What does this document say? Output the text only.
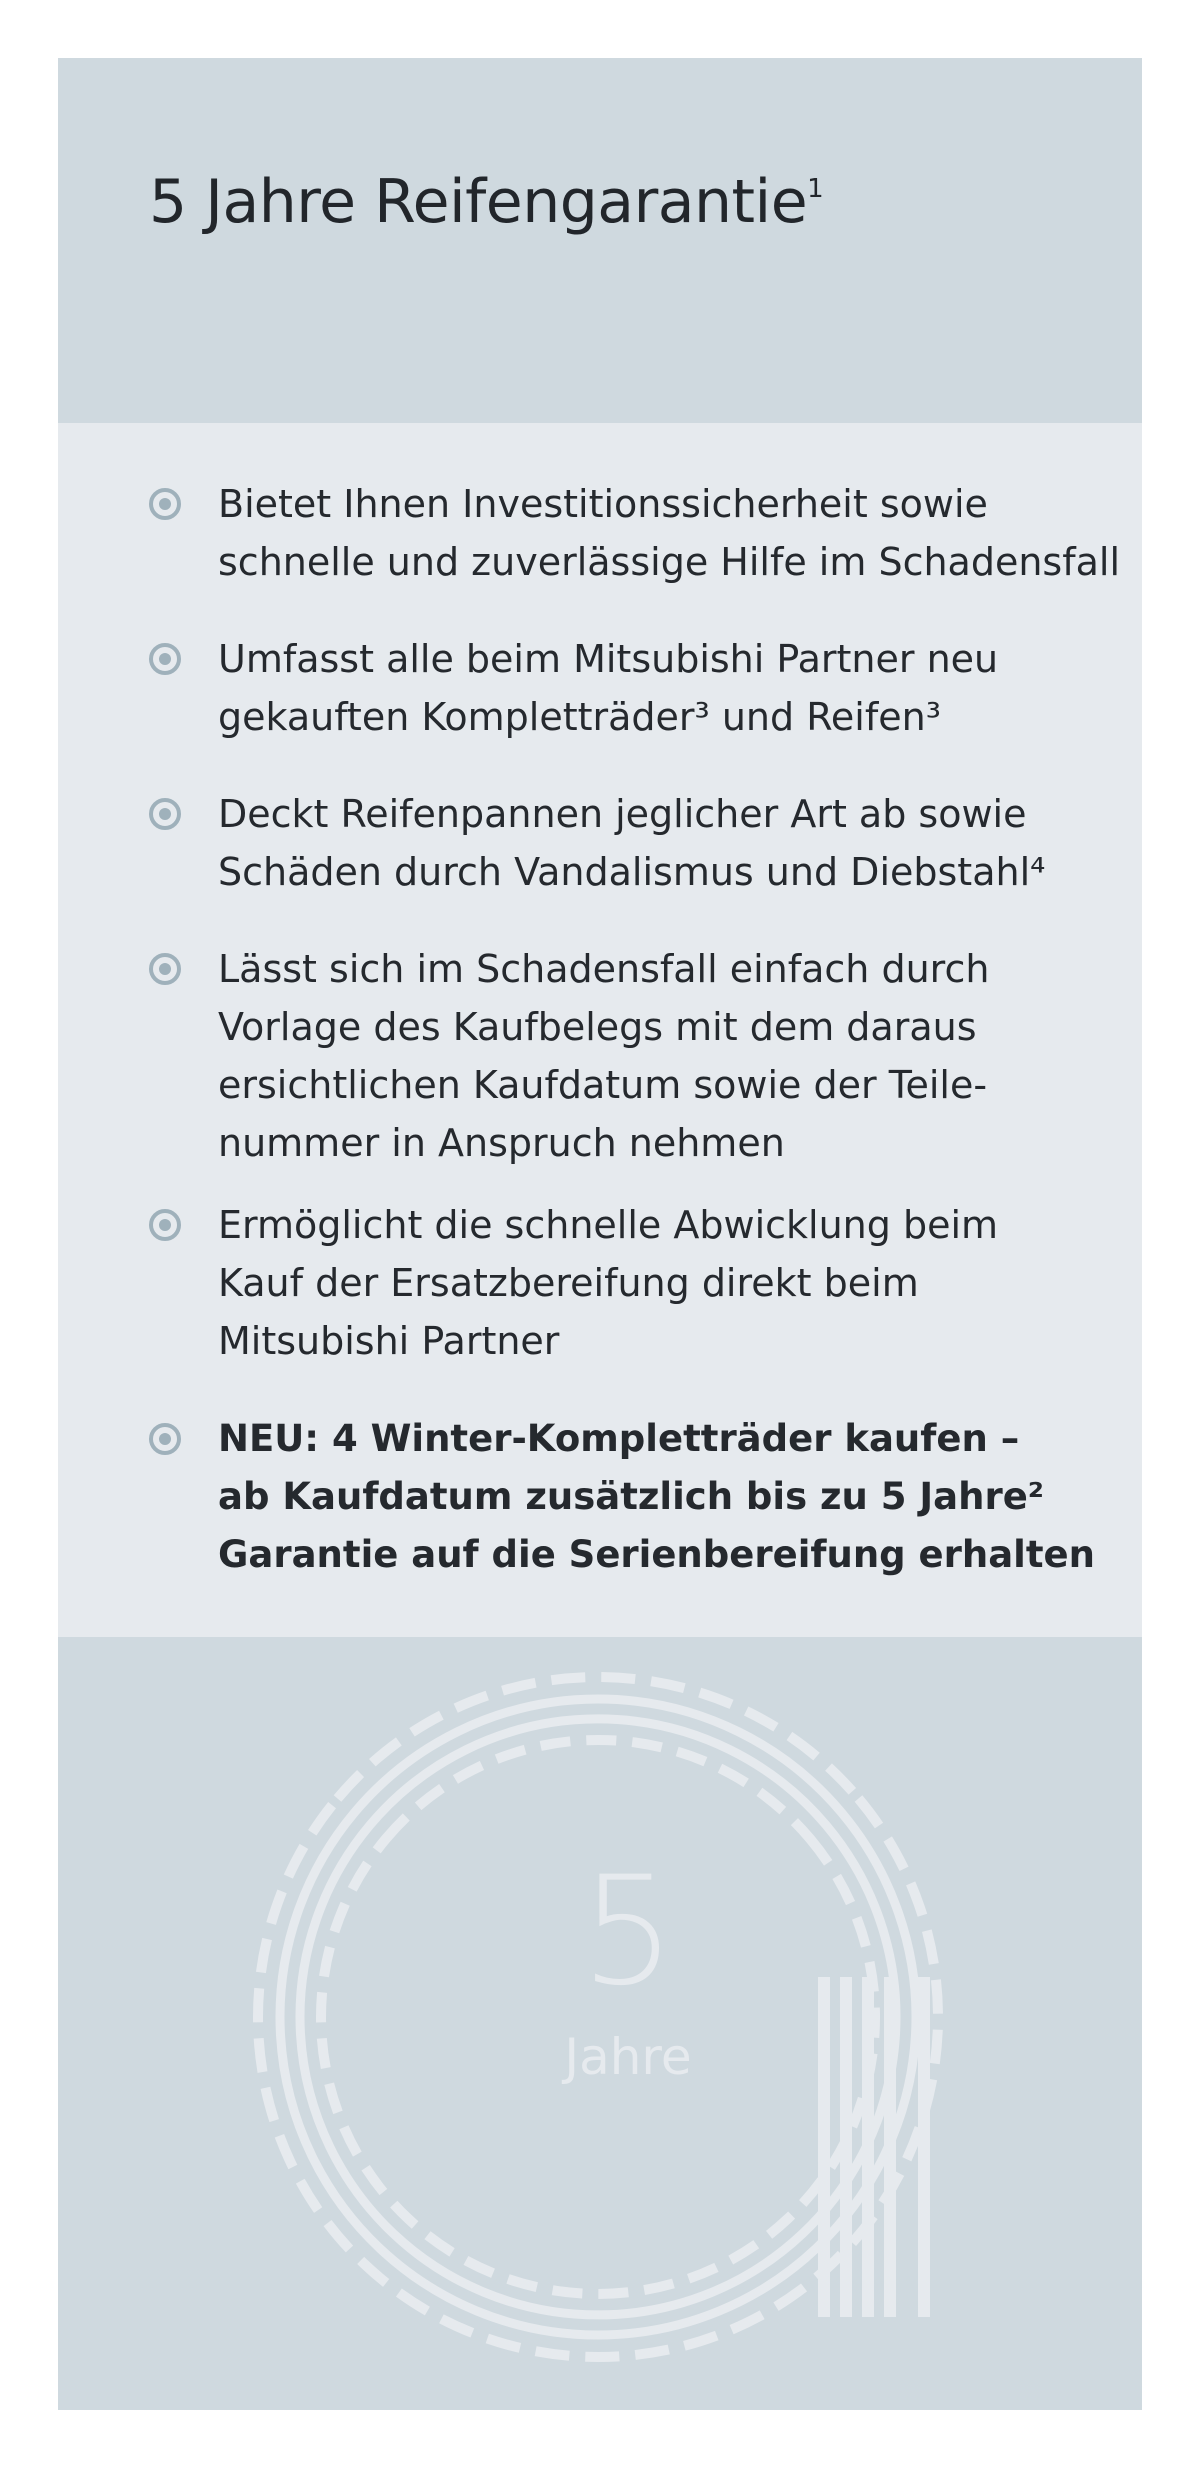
5 Jahre Reifengarantie$^1$

Bietet Ihnen Investitionssicherheit sowie
schnelle und zuverlässige Hilfe im Schadensfall

Umfasst alle beim Mitsubishi Partner neu
gekauften Kompletträder³ und Reifen³

Deckt Reifenpannen jeglicher Art ab sowie
Schäden durch Vandalismus und Diebstahl⁴

Lässt sich im Schadensfall einfach durch
Vorlage des Kaufbelegs mit dem daraus
ersichtlichen Kaufdatum sowie der Teile-
nummer in Anspruch nehmen

Ermöglicht die schnelle Abwicklung beim
Kauf der Ersatzbereifung direkt beim
Mitsubishi Partner

NEU: 4 Winter-Kompletträder kaufen –
ab Kaufdatum zusätzlich bis zu 5 Jahre²
Garantie auf die Serienbereifung erhalten

5
Jahre
